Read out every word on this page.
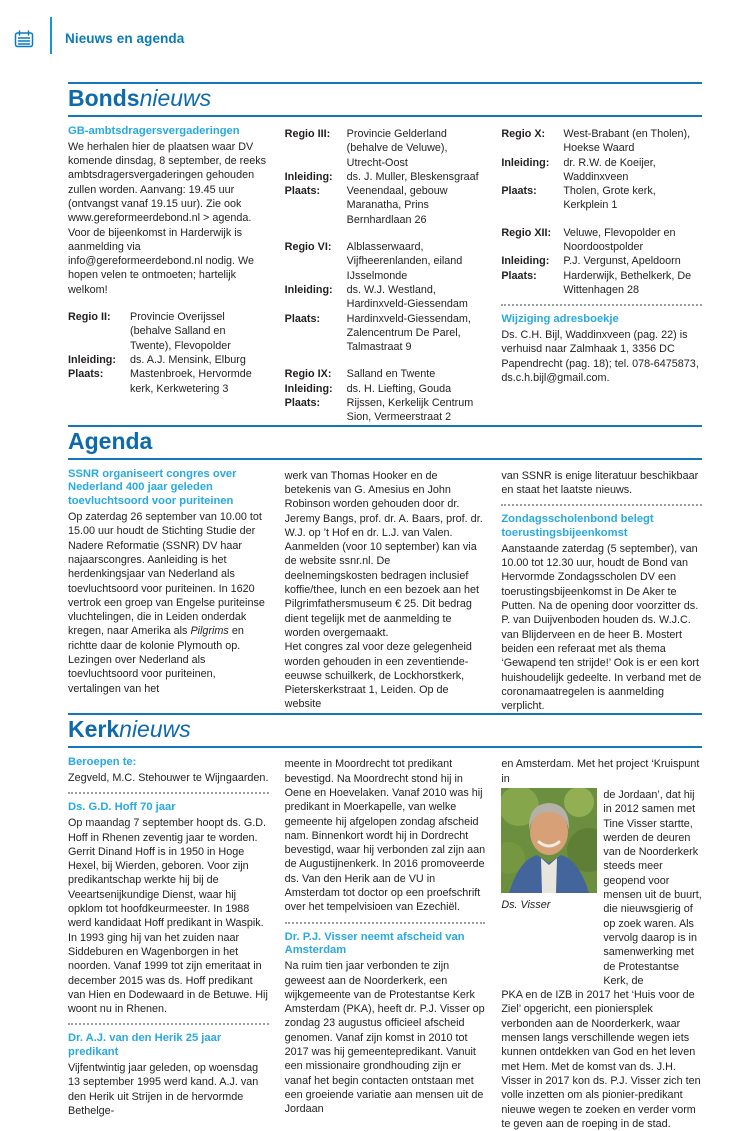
Nieuws en agenda
Bondsnieuws
GB-ambtsdragersvergaderingen

We herhalen hier de plaatsen waar DV komende dinsdag, 8 september, de reeks ambtsdragersvergaderingen gehouden zullen worden. Aanvang: 19.45 uur (ontvangst vanaf 19.15 uur). Zie ook www.gereformeerdebond.nl > agenda. Voor de bijeenkomst in Harderwijk is aanmelding via info@gereformeerdebond.nl nodig. We hopen velen te ontmoeten; hartelijk welkom!

Regio II:	Provincie Overijssel (behalve Salland en Twente), Flevopolder
Inleiding:	ds. A.J. Mensink, Elburg
Plaats:	Mastenbroek, Hervormde kerk, Kerkwetering 3
Regio III:	Provincie Gelderland (behalve de Veluwe), Utrecht-Oost
Inleiding:	ds. J. Muller, Bleskensgraaf
Plaats:	Veenendaal, gebouw Maranatha, Prins Bernhardlaan 26
Regio VI:	Alblasserwaard, Vijfheerenlanden, eiland IJsselmonde
Inleiding:	ds. W.J. Westland, Hardinxveld-Giessendam
Plaats:	Hardinxveld-Giessendam, Zalencentrum De Parel, Talmastraat 9
Regio IX:	Salland en Twente
Inleiding:	ds. H. Liefting, Gouda
Plaats:	Rijssen, Kerkelijk Centrum Sion, Vermeerstraat 2
Regio X:	West-Brabant (en Tholen), Hoekse Waard
Inleiding:	dr. R.W. de Koeijer, Waddinxveen
Plaats:	Tholen, Grote kerk, Kerkplein 1
Regio XII:	Veluwe, Flevopolder en Noordoostpolder
Inleiding:	P.J. Vergunst, Apeldoorn
Plaats:	Harderwijk, Bethelkerk, De Wittenhagen 28
Wijziging adresboekje

Ds. C.H. Bijl, Waddinxveen (pag. 22) is verhuisd naar Zalmhaak 1, 3356 DC Papendrecht (pag. 18); tel. 078-6475873, ds.c.h.bijl@gmail.com.

Agenda
SSNR organiseert congres over Nederland 400 jaar geleden toevluchtsoord voor puriteinen

Op zaterdag 26 september van 10.00 tot 15.00 uur houdt de Stichting Studie der Nadere Reformatie (SSNR) DV haar najaarscongres. Aanleiding is het herdenkingsjaar van Nederland als toevluchtsoord voor puriteinen. In 1620 vertrok een groep van Engelse puriteinse vluchtelingen, die in Leiden onderdak kregen, naar Amerika als Pilgrims en richtte daar de kolonie Plymouth op.

Lezingen over Nederland als toevluchtsoord voor puriteinen, vertalingen van het

werk van Thomas Hooker en de betekenis van G. Amesius en John Robinson worden gehouden door dr. Jeremy Bangs, prof. dr. A. Baars, prof. dr. W.J. op ’t Hof en dr. L.J. van Valen.

Aanmelden (voor 10 september) kan via de website ssnr.nl. De deelnemingskosten bedragen inclusief koffie/thee, lunch en een bezoek aan het Pilgrimfathersmuseum € 25. Dit bedrag dient tegelijk met de aanmelding te worden overgemaakt.

Het congres zal voor deze gelegenheid worden gehouden in een zeventiende-eeuwse schuilkerk, de Lockhorstkerk, Pieterskerkstraat 1, Leiden. Op de website

van SSNR is enige literatuur beschikbaar en staat het laatste nieuws.

Zondagsscholenbond belegt toerustingsbijeenkomst

Aanstaande zaterdag (5 september), van 10.00 tot 12.30 uur, houdt de Bond van Hervormde Zondagsscholen DV een toerustingsbijeenkomst in De Aker te Putten. Na de opening door voorzitter ds. P. van Duijvenboden houden ds. W.J.C. van Blijderveen en de heer B. Mostert beiden een referaat met als thema ‘Gewapend ten strijde!’ Ook is er een kort huishoudelijk gedeelte. In verband met de coronamaatregelen is aanmelding verplicht.

Kerknieuws
Beroepen te:

Zegveld, M.C. Stehouwer te Wijngaarden.

Ds. G.D. Hoff 70 jaar

Op maandag 7 september hoopt ds. G.D. Hoff in Rhenen zeventig jaar te worden. Gerrit Dinand Hoff is in 1950 in Hoge Hexel, bij Wierden, geboren. Voor zijn predikantschap werkte hij bij de Veeartsenijkundige Dienst, waar hij opklom tot hoofdkeurmeester. In 1988 werd kandidaat Hoff predikant in Waspik. In 1993 ging hij van het zuiden naar Siddeburen en Wagenborgen in het noorden. Vanaf 1999 tot zijn emeritaat in december 2015 was ds. Hoff predikant van Hien en Dodewaard in de Betuwe. Hij woont nu in Rhenen.

Dr. A.J. van den Herik 25 jaar predikant

Vijfentwintig jaar geleden, op woensdag 13 september 1995 werd kand. A.J. van den Herik uit Strijen in de hervormde Bethelge-

meente in Moordrecht tot predikant bevestigd. Na Moordrecht stond hij in Oene en Hoevelaken. Vanaf 2010 was hij predikant in Moerkapelle, van welke gemeente hij afgelopen zondag afscheid nam. Binnenkort wordt hij in Dordrecht bevestigd, waar hij verbonden zal zijn aan de Augustijnenkerk. In 2016 promoveerde ds. Van den Herik aan de VU in Amsterdam tot doctor op een proefschrift over het tempelvisioen van Ezechiël.

Dr. P.J. Visser neemt afscheid van Amsterdam

Na ruim tien jaar verbonden te zijn geweest aan de Noorderkerk, een wijkgemeente van de Protestantse Kerk Amsterdam (PKA), heeft dr. P.J. Visser op zondag 23 augustus officieel afscheid genomen. Vanaf zijn komst in 2010 tot 2017 was hij gemeentepredikant. Vanuit een missionaire grondhouding zijn er vanaf het begin contacten ontstaan met een groeiende variatie aan mensen uit de Jordaan

en Amsterdam. Met het project ‘Kruispunt in

Ds. Visser

de Jordaan’, dat hij in 2012 samen met Tine Visser startte, werden de deuren van de Noorderkerk steeds meer geopend voor mensen uit de buurt, die nieuwsgierig of op zoek waren. Als vervolg daarop is in samenwerking met de Protestantse Kerk, de

PKA en de IZB in 2017 het ‘Huis voor de Ziel’ opgericht, een pioniersplek verbonden aan de Noorderkerk, waar mensen langs verschillende wegen iets kunnen ontdekken van God en het leven met Hem. Met de komst van ds. J.H. Visser in 2017 kon ds. P.J. Visser zich ten volle inzetten om als pionier-predikant nieuwe wegen te zoeken en verder vorm te geven aan de roeping in de stad.
